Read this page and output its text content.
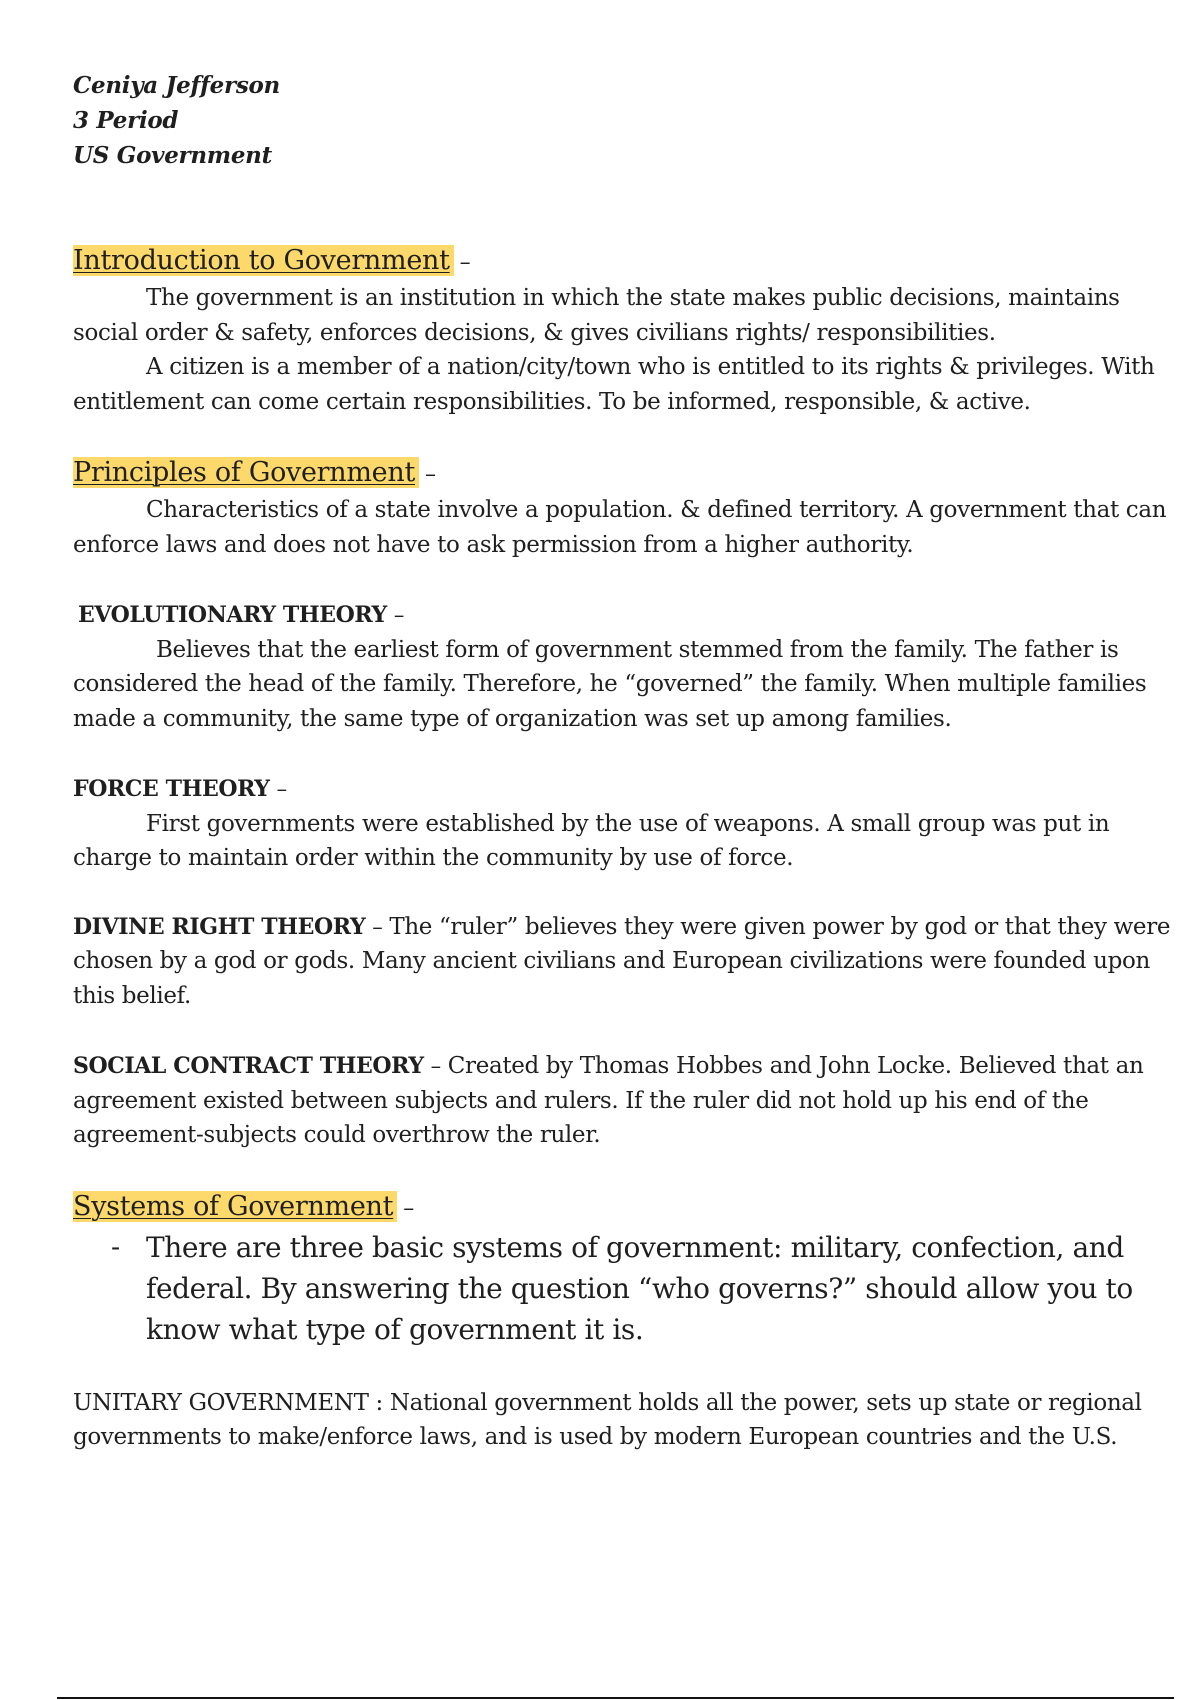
Ceniya Jefferson

3 Period

US Government

Introduction to Government –

The government is an institution in which the state makes public decisions, maintains social order & safety, enforces decisions, & gives civilians rights/ responsibilities.

A citizen is a member of a nation/city/town who is entitled to its rights & privileges. With entitlement can come certain responsibilities. To be informed, responsible, & active.

Principles of Government –

Characteristics of a state involve a population. & defined territory. A government that can enforce laws and does not have to ask permission from a higher authority.

EVOLUTIONARY THEORY –

Believes that the earliest form of government stemmed from the family. The father is considered the head of the family. Therefore, he “governed” the family. When multiple families made a community, the same type of organization was set up among families.

FORCE THEORY –

First governments were established by the use of weapons. A small group was put in charge to maintain order within the community by use of force.

DIVINE RIGHT THEORY – The “ruler” believes they were given power by god or that they were chosen by a god or gods. Many ancient civilians and European civilizations were founded upon this belief.

SOCIAL CONTRACT THEORY – Created by Thomas Hobbes and John Locke. Believed that an agreement existed between subjects and rulers. If the ruler did not hold up his end of the agreement-subjects could overthrow the ruler.

Systems of Government –

- There are three basic systems of government: military, confection, and federal. By answering the question “who governs?” should allow you to know what type of government it is.

UNITARY GOVERNMENT : National government holds all the power, sets up state or regional governments to make/enforce laws, and is used by modern European countries and the U.S.
